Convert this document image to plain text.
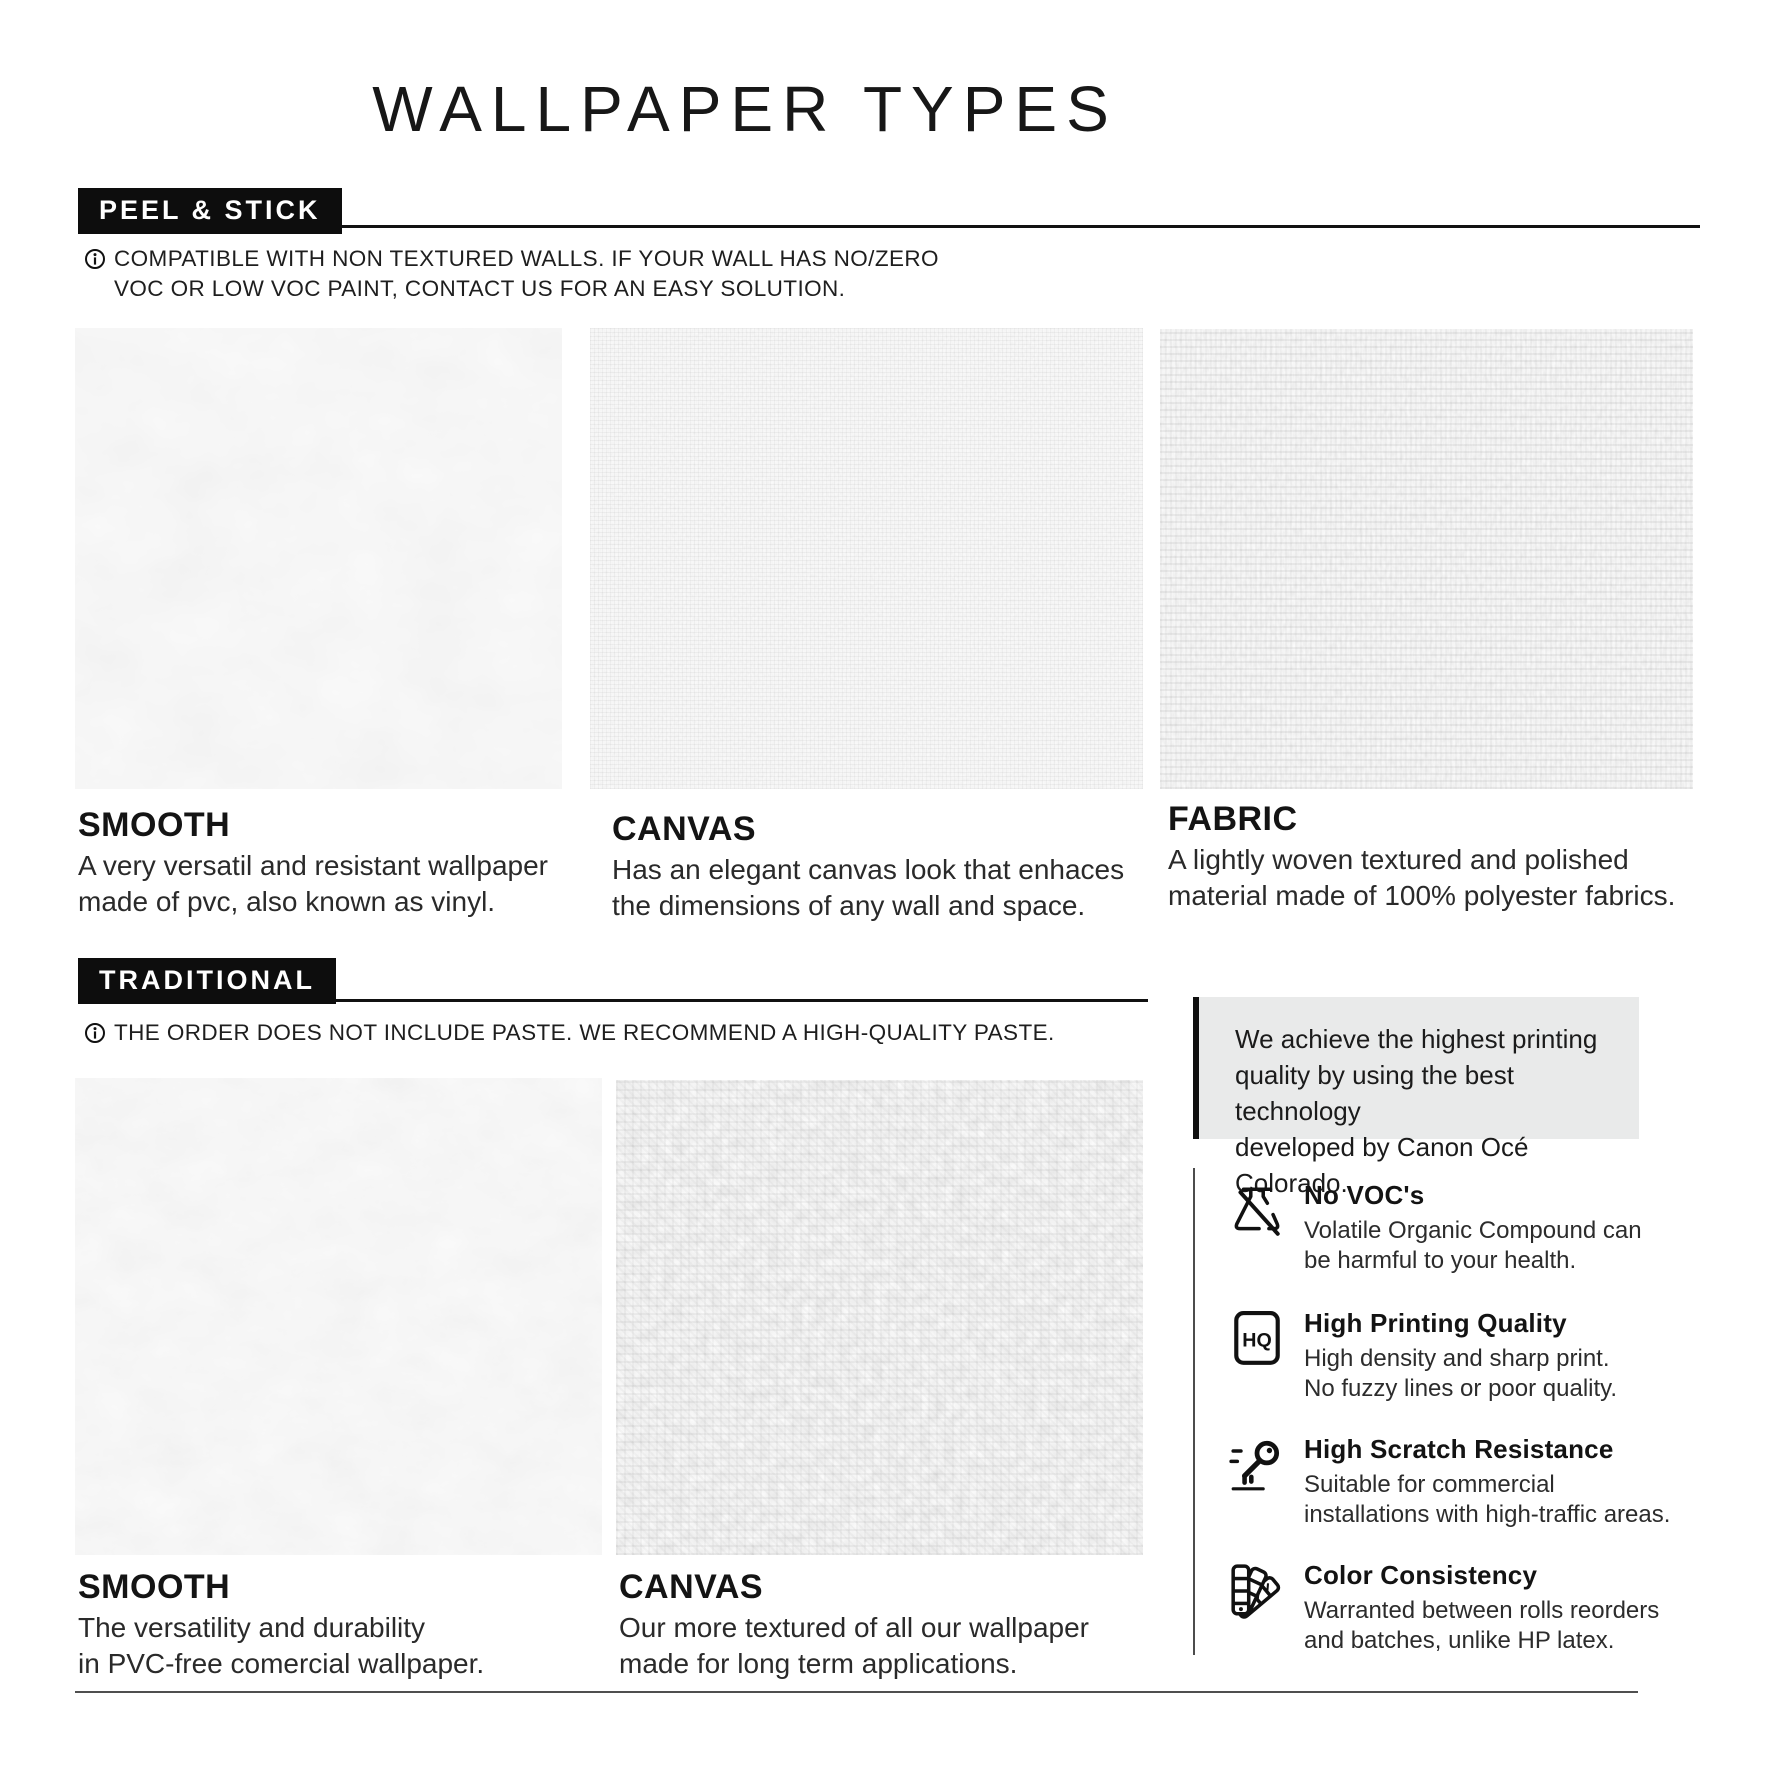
WALLPAPER TYPES
PEEL & STICK
COMPATIBLE WITH NON TEXTURED WALLS. IF YOUR WALL HAS NO/ZERO
VOC OR LOW VOC PAINT, CONTACT US FOR AN EASY SOLUTION.
SMOOTH
A very versatil and resistant wallpaper
made of pvc, also known as vinyl.
CANVAS
Has an elegant canvas look that enhaces
the dimensions of any wall and space.
FABRIC
A lightly woven textured and polished
material made of 100% polyester fabrics.
TRADITIONAL
THE ORDER DOES NOT INCLUDE PASTE. WE RECOMMEND A HIGH-QUALITY PASTE.
SMOOTH
The versatility and durability
in PVC-free comercial wallpaper.
CANVAS
Our more textured of all our wallpaper
made for long term applications.
We achieve the highest printing
quality by using the best technology
developed by Canon Océ Colorado.
No VOC's
Volatile Organic Compound can
be harmful to your health.
HQ
High Printing Quality
High density and sharp print.
No fuzzy lines or poor quality.
High Scratch Resistance
Suitable for commercial
installations with high-traffic areas.
Color Consistency
Warranted between rolls reorders
and batches, unlike HP latex.
